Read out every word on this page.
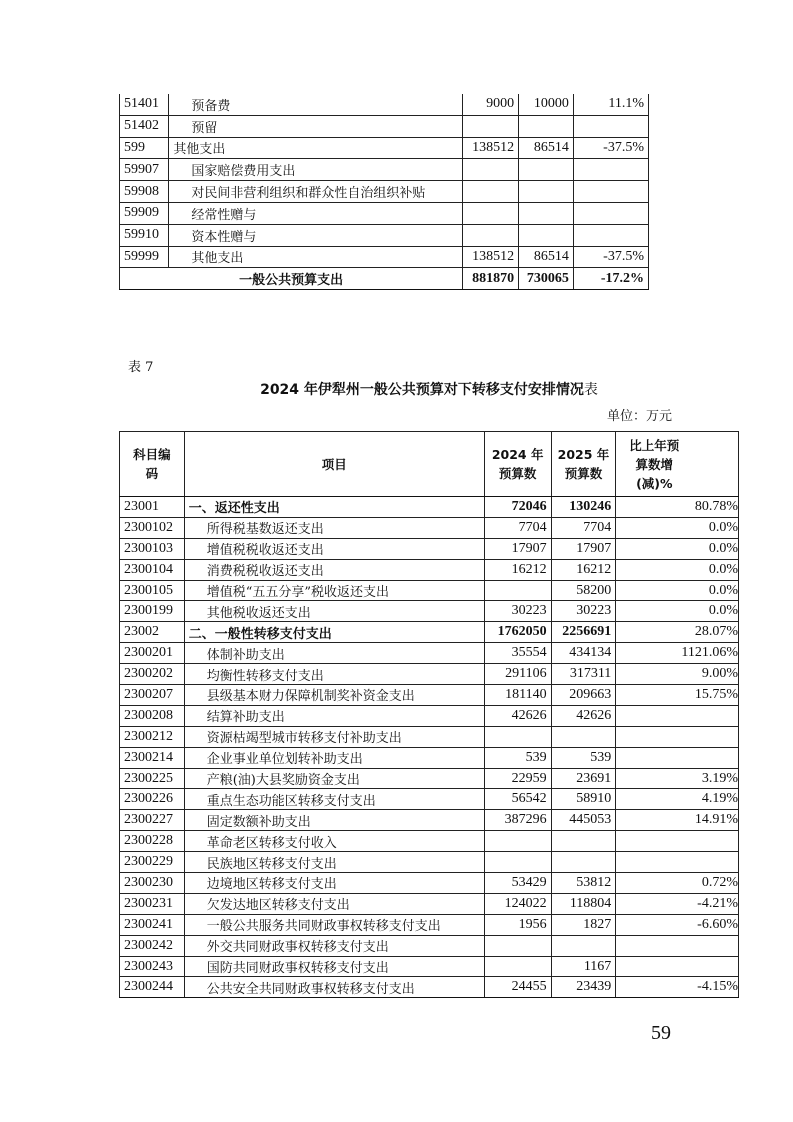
51401	预备费	9000	10000	11.1%
51402	预留			
599	其他支出	138512	86514	-37.5%
59907	国家赔偿费用支出			
59908	对民间非营利组织和群众性自治组织补贴			
59909	经常性赠与			
59910	资本性赠与			
59999	其他支出	138512	86514	-37.5%
一般公共预算支出		881870	730065	-17.2%
表 7
2024 年伊犁州一般公共预算对下转移支付安排情况表
单位：万元
科目编码	项目	2024 年预算数	2025 年预算数	比上年预算数增(减)%
23001	一、返还性支出	72046	130246	80.78%
2300102	所得税基数返还支出	7704	7704	0.0%
2300103	增值税税收返还支出	17907	17907	0.0%
2300104	消费税税收返还支出	16212	16212	0.0%
2300105	增值税“五五分享”税收返还支出		58200	0.0%
2300199	其他税收返还支出	30223	30223	0.0%
23002	二、一般性转移支付支出	1762050	2256691	28.07%
2300201	体制补助支出	35554	434134	1121.06%
2300202	均衡性转移支付支出	291106	317311	9.00%
2300207	县级基本财力保障机制奖补资金支出	181140	209663	15.75%
2300208	结算补助支出	42626	42626	
2300212	资源枯竭型城市转移支付补助支出			
2300214	企业事业单位划转补助支出	539	539	
2300225	产粮(油)大县奖励资金支出	22959	23691	3.19%
2300226	重点生态功能区转移支付支出	56542	58910	4.19%
2300227	固定数额补助支出	387296	445053	14.91%
2300228	革命老区转移支付收入			
2300229	民族地区转移支付支出			
2300230	边境地区转移支付支出	53429	53812	0.72%
2300231	欠发达地区转移支付支出	124022	118804	-4.21%
2300241	一般公共服务共同财政事权转移支付支出	1956	1827	-6.60%
2300242	外交共同财政事权转移支付支出			
2300243	国防共同财政事权转移支付支出		1167	
2300244	公共安全共同财政事权转移支付支出	24455	23439	-4.15%
59
